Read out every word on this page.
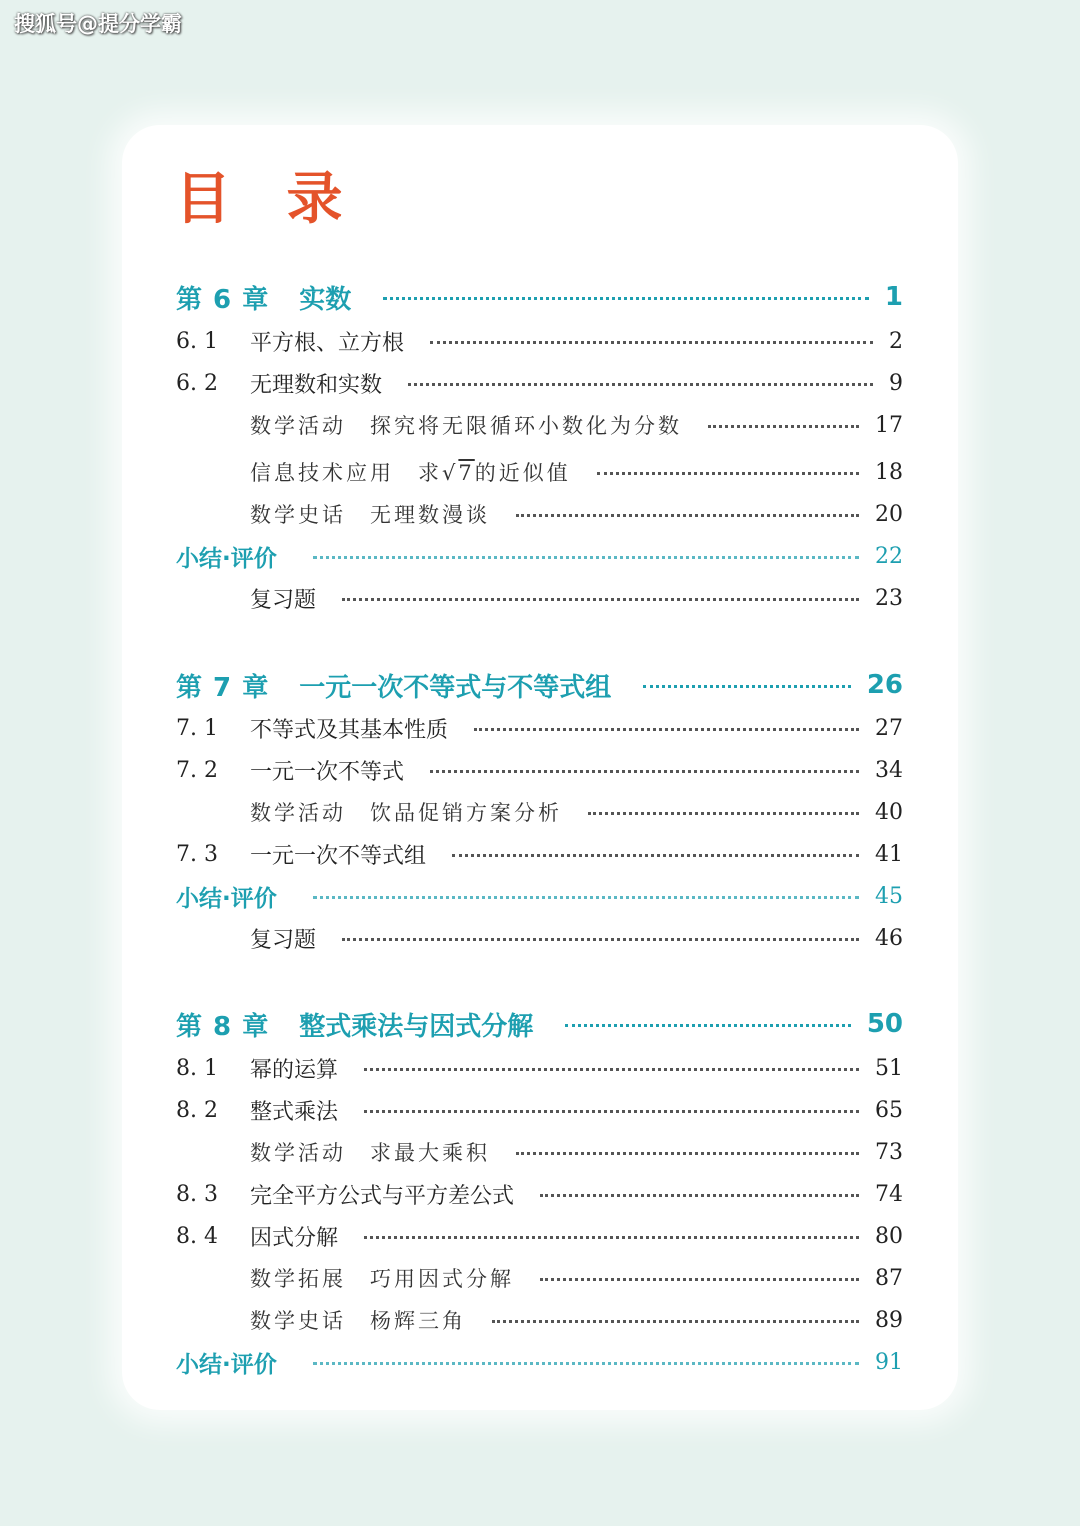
搜狐号@提分学霸
目 录
第 6 章 实数	1
6. 1	平方根、立方根	2
6. 2	无理数和实数	9
数学活动 探究将无限循环小数化为分数	17
信息技术应用 求√7的近似值	18
数学史话 无理数漫谈	20
小结·评价	22
复习题	23
第 7 章 一元一次不等式与不等式组	26
7. 1	不等式及其基本性质	27
7. 2	一元一次不等式	34
数学活动 饮品促销方案分析	40
7. 3	一元一次不等式组	41
小结·评价	45
复习题	46
第 8 章 整式乘法与因式分解	50
8. 1	幂的运算	51
8. 2	整式乘法	65
数学活动 求最大乘积	73
8. 3	完全平方公式与平方差公式	74
8. 4	因式分解	80
数学拓展 巧用因式分解	87
数学史话 杨辉三角	89
小结·评价	91
